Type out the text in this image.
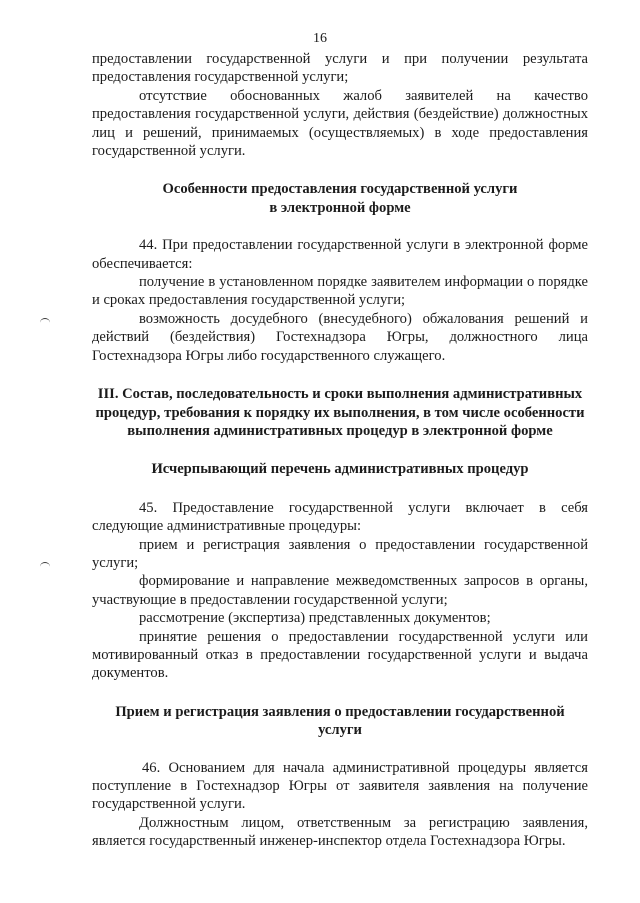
16

предоставлении государственной услуги и при получении результата предоставления государственной услуги;

отсутствие обоснованных жалоб заявителей на качество предоставления государственной услуги, действия (бездействие) должностных лиц и решений, принимаемых (осуществляемых) в ходе предоставления государственной услуги.

Особенности предоставления государственной услуги

в электронной форме

44. При предоставлении государственной услуги в электронной форме обеспечивается:

получение в установленном порядке заявителем информации о порядке и сроках предоставления государственной услуги;

возможность досудебного (внесудебного) обжалования решений и действий (бездействия) Гостехнадзора Югры, должностного лица Гостехнадзора Югры либо государственного служащего.

III. Состав, последовательность и сроки выполнения административных процедур, требования к порядку их выполнения, в том числе особенности выполнения административных процедур в электронной форме

Исчерпывающий перечень административных процедур

45. Предоставление государственной услуги включает в себя следующие административные процедуры:

прием и регистрация заявления о предоставлении государственной услуги;

формирование и направление межведомственных запросов в органы, участвующие в предоставлении государственной услуги;

рассмотрение (экспертиза) представленных документов;

принятие решения о предоставлении государственной услуги или мотивированный отказ в предоставлении государственной услуги и выдача документов.

Прием и регистрация заявления о предоставлении государственной

услуги

46. Основанием для начала административной процедуры является поступление в Гостехнадзор Югры от заявителя заявления на получение государственной услуги.

Должностным лицом, ответственным за регистрацию заявления, является государственный инженер-инспектор отдела Гостехнадзора Югры.
